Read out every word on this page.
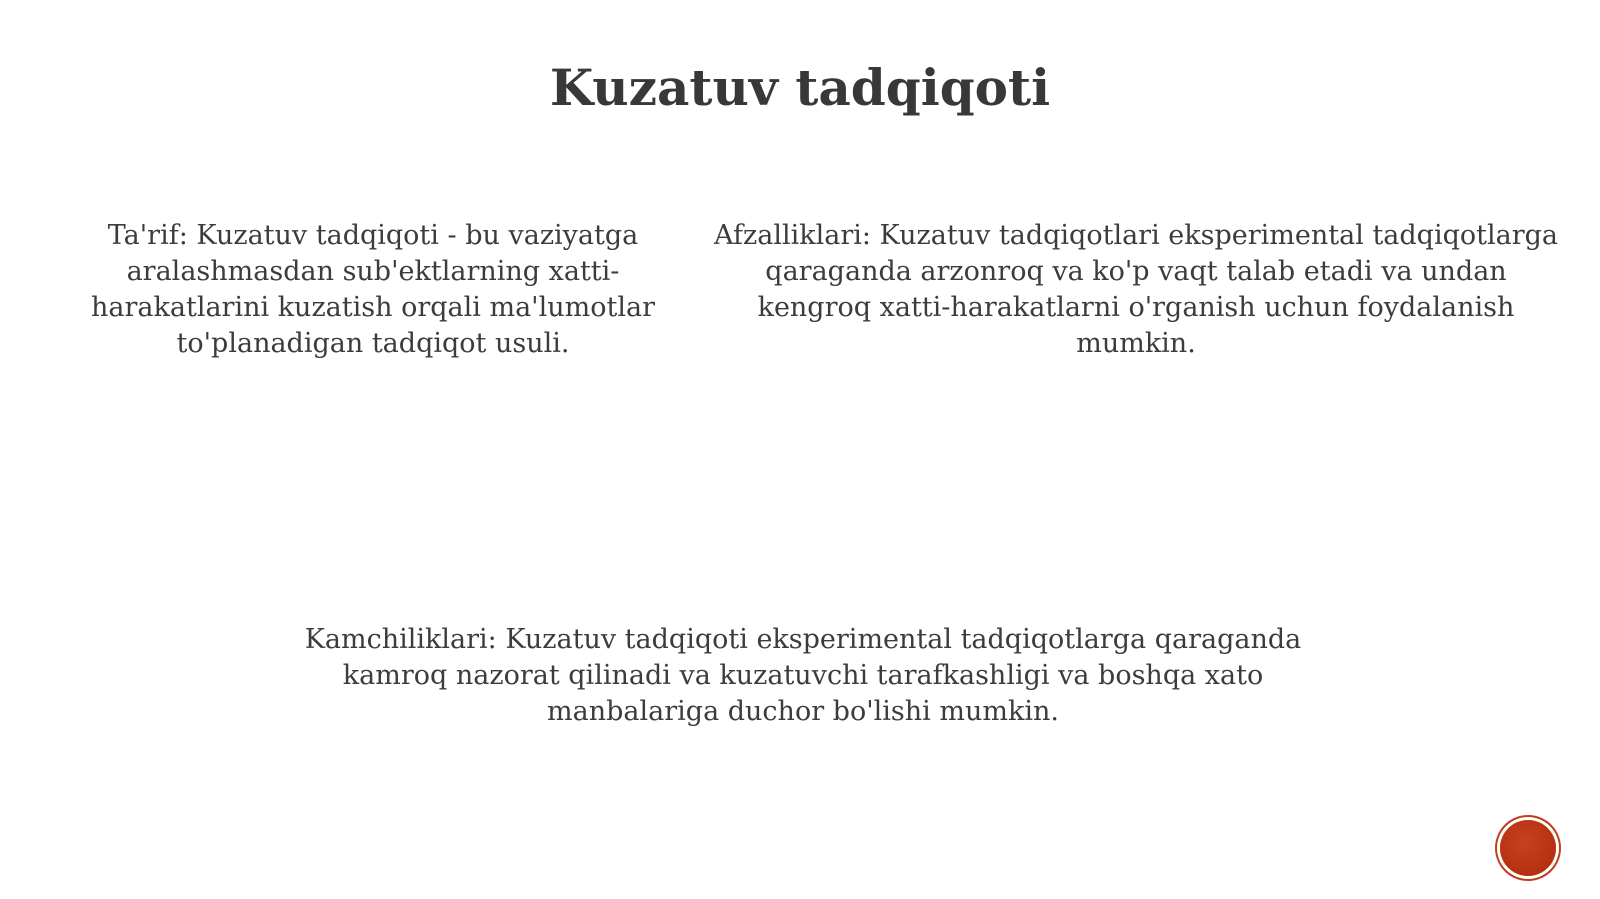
Kuzatuv tadqiqoti

Ta'rif: Kuzatuv tadqiqoti - bu vaziyatga aralashmasdan sub'ektlarning xatti-harakatlarini kuzatish orqali ma'lumotlar to'planadigan tadqiqot usuli.

Afzalliklari: Kuzatuv tadqiqotlari eksperimental tadqiqotlarga qaraganda arzonroq va ko'p vaqt talab etadi va undan kengroq xatti-harakatlarni o'rganish uchun foydalanish mumkin.

Kamchiliklari: Kuzatuv tadqiqoti eksperimental tadqiqotlarga qaraganda kamroq nazorat qilinadi va kuzatuvchi tarafkashligi va boshqa xato manbalariga duchor bo'lishi mumkin.
